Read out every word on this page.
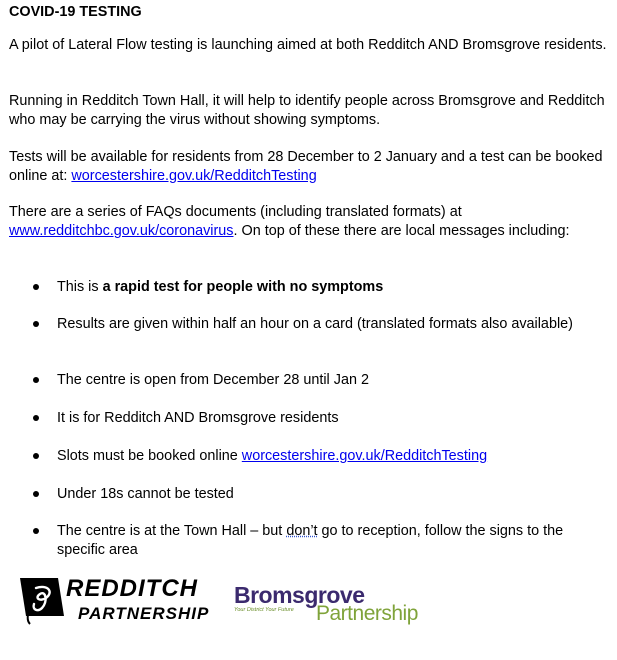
COVID-19 TESTING

A pilot of Lateral Flow testing is launching aimed at both Redditch AND Bromsgrove residents.

Running in Redditch Town Hall, it will help to identify people across Bromsgrove and Redditch who may be carrying the virus without showing symptoms.

Tests will be available for residents from 28 December to 2 January and a test can be booked online at: worcestershire.gov.uk/RedditchTesting

There are a series of FAQs documents (including translated formats) at www.redditchbc.gov.uk/coronavirus. On top of these there are local messages including:

This is a rapid test for people with no symptoms
Results are given within half an hour on a card (translated formats also available)
The centre is open from December 28 until Jan 2
It is for Redditch AND Bromsgrove residents
Slots must be booked online worcestershire.gov.uk/RedditchTesting
Under 18s cannot be tested
The centre is at the Town Hall – but don’t go to reception, follow the signs to the specific area
REDDITCH
PARTNERSHIP
Bromsgrove
Your District Your Future Partnership
